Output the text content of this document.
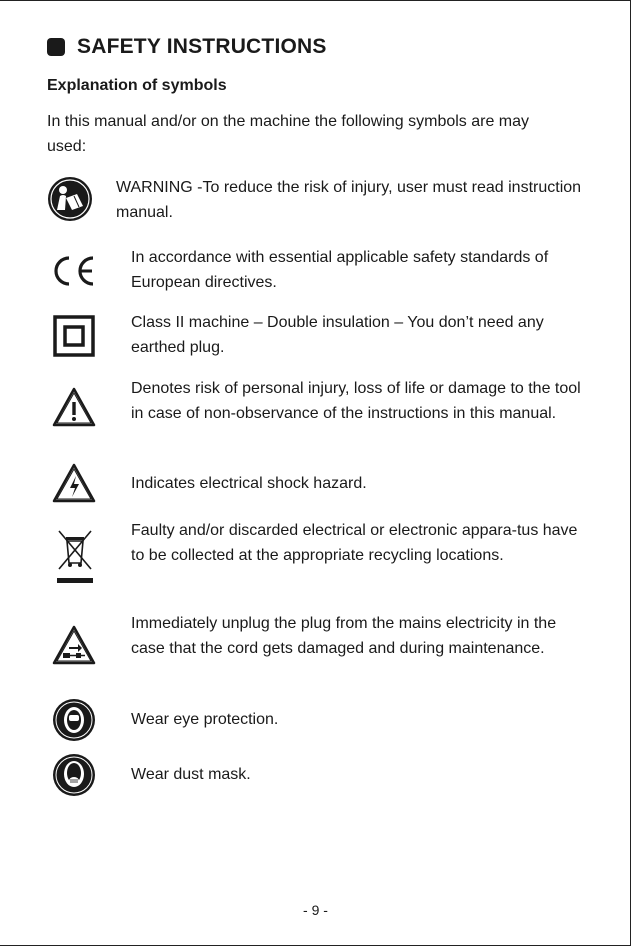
SAFETY INSTRUCTIONS
Explanation of symbols
In this manual and/or on the machine the following symbols are may used:
WARNING -To reduce the risk of injury, user must read instruction manual.
In accordance with essential applicable safety standards of European directives.
Class II machine – Double insulation – You don’t need any earthed plug.
Denotes risk of personal injury, loss of life or damage to the tool in case of non-observance of the instructions in this manual.
Indicates electrical shock hazard.
Faulty and/or discarded electrical or electronic appara-tus have to be collected at the appropriate recycling locations.
Immediately unplug the plug from the mains electricity in the case that the cord gets damaged and during maintenance.
Wear eye protection.
Wear dust mask.
- 9 -
